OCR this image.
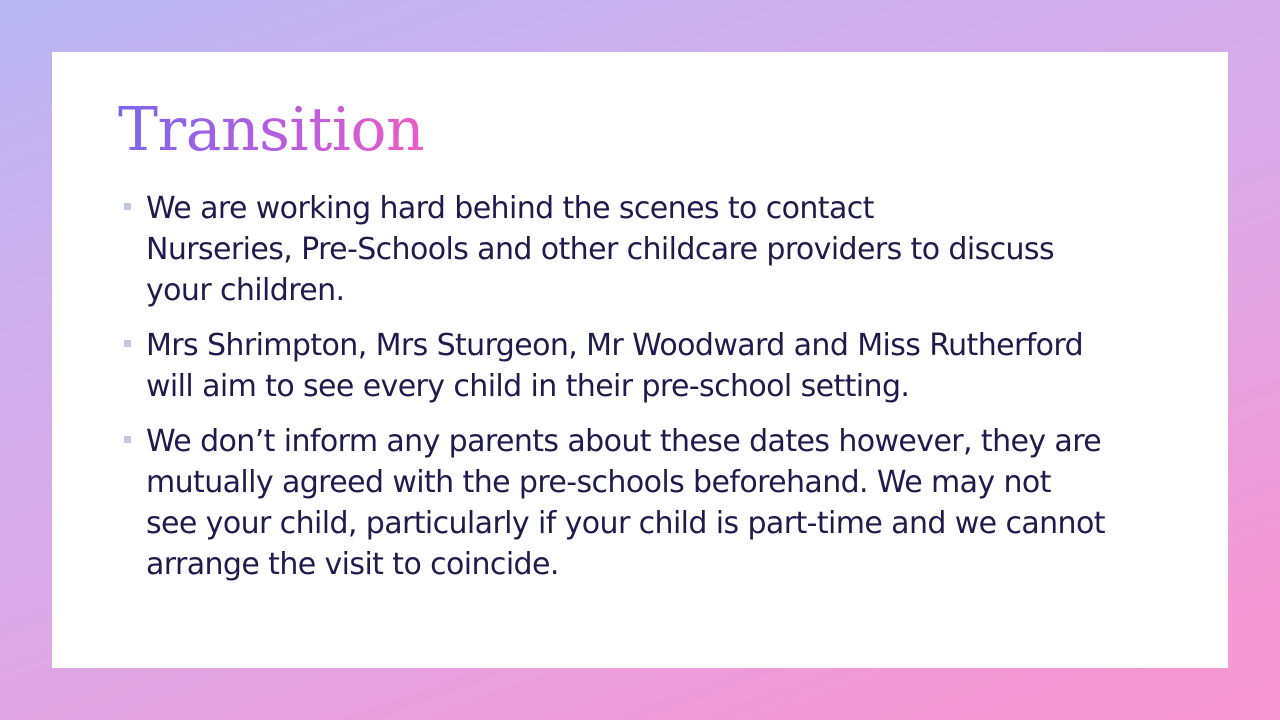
Transition
We are working hard behind the scenes to contact
Nurseries, Pre-Schools and other childcare providers to discuss
your children.
Mrs Shrimpton, Mrs Sturgeon, Mr Woodward and Miss Rutherford
will aim to see every child in their pre-school setting.
We don’t inform any parents about these dates however, they are
mutually agreed with the pre-schools beforehand. We may not
see your child, particularly if your child is part-time and we cannot
arrange the visit to coincide.
